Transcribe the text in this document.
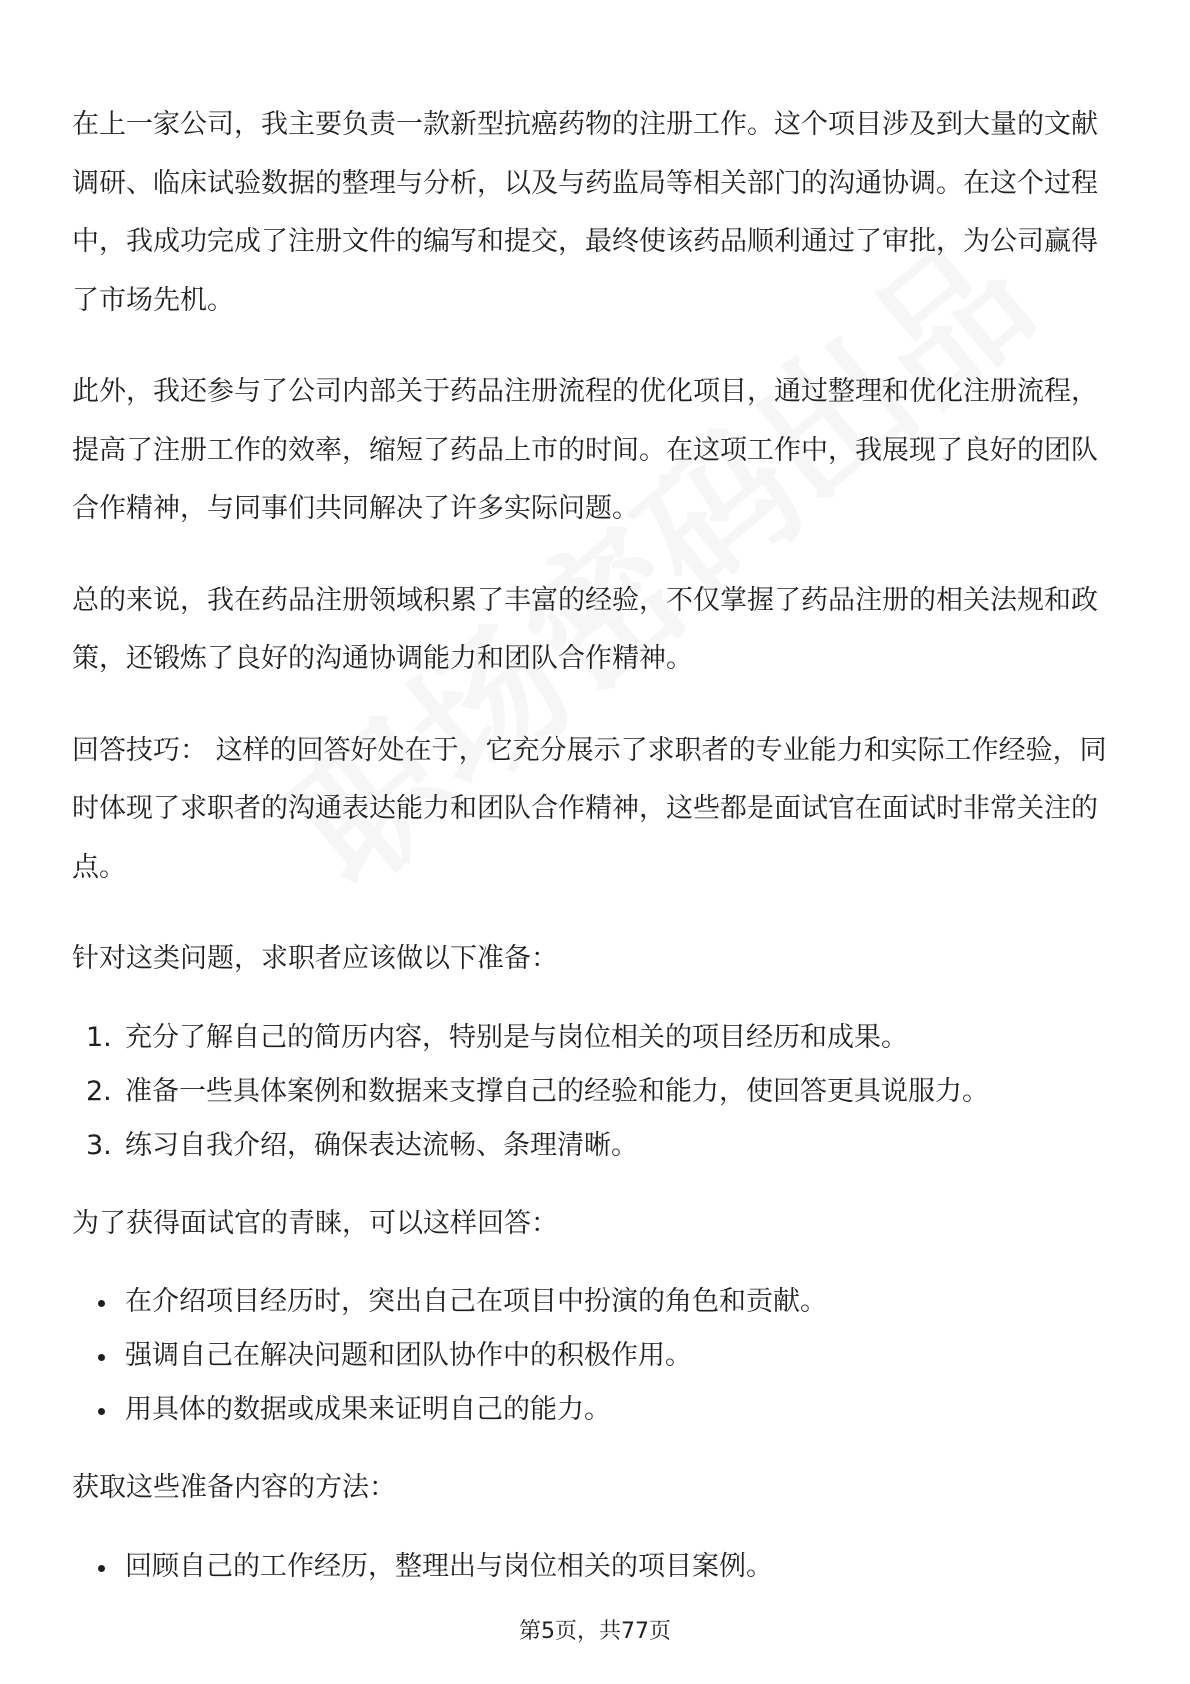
在上一家公司，我主要负责一款新型抗癌药物的注册工作。这个项目涉及到大量的文献调研、临床试验数据的整理与分析，以及与药监局等相关部门的沟通协调。在这个过程中，我成功完成了注册文件的编写和提交，最终使该药品顺利通过了审批，为公司赢得了市场先机。

此外，我还参与了公司内部关于药品注册流程的优化项目，通过整理和优化注册流程，提高了注册工作的效率，缩短了药品上市的时间。在这项工作中，我展现了良好的团队合作精神，与同事们共同解决了许多实际问题。

总的来说，我在药品注册领域积累了丰富的经验，不仅掌握了药品注册的相关法规和政策，还锻炼了良好的沟通协调能力和团队合作精神。

回答技巧： 这样的回答好处在于，它充分展示了求职者的专业能力和实际工作经验，同时体现了求职者的沟通表达能力和团队合作精神，这些都是面试官在面试时非常关注的点。

针对这类问题，求职者应该做以下准备：

1. 充分了解自己的简历内容，特别是与岗位相关的项目经历和成果。
2. 准备一些具体案例和数据来支撑自己的经验和能力，使回答更具说服力。
3. 练习自我介绍，确保表达流畅、条理清晰。

为了获得面试官的青睐，可以这样回答：

在介绍项目经历时，突出自己在项目中扮演的角色和贡献。
强调自己在解决问题和团队协作中的积极作用。
用具体的数据或成果来证明自己的能力。

获取这些准备内容的方法：

回顾自己的工作经历，整理出与岗位相关的项目案例。
第5页，共77页
